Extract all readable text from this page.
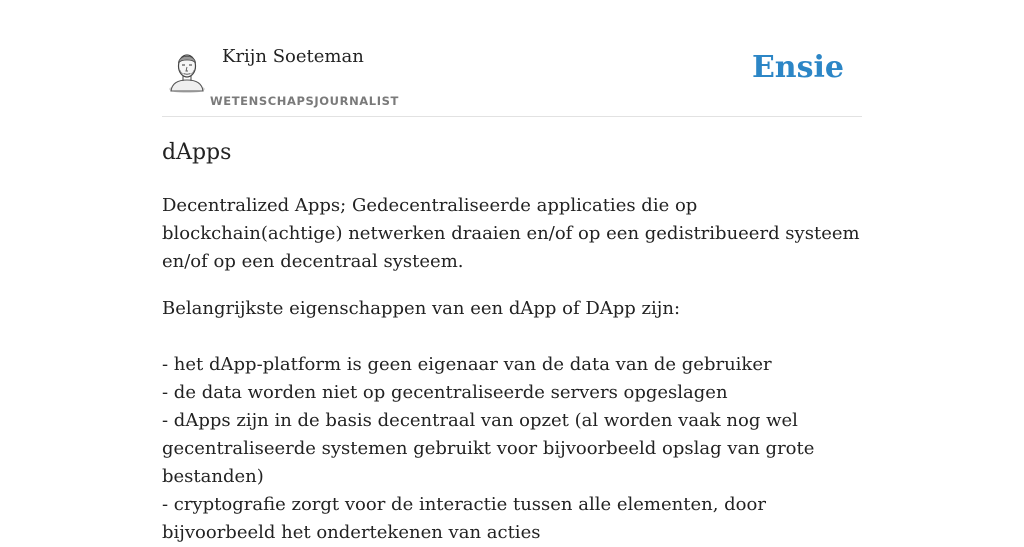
Krijn Soeteman
WETENSCHAPSJOURNALIST
Ensie
dApps

Decentralized Apps; Gedecentraliseerde applicaties die op blockchain(achtige) netwerken draaien en/of op een gedistribueerd systeem en/of op een decentraal systeem.

Belangrijkste eigenschappen van een dApp of DApp zijn:

- het dApp-platform is geen eigenaar van de data van de gebruiker
- de data worden niet op gecentraliseerde servers opgeslagen
- dApps zijn in de basis decentraal van opzet (al worden vaak nog wel gecentraliseerde systemen gebruikt voor bijvoorbeeld opslag van grote bestanden)
- cryptografie zorgt voor de interactie tussen alle elementen, door bijvoorbeeld het ondertekenen van acties
